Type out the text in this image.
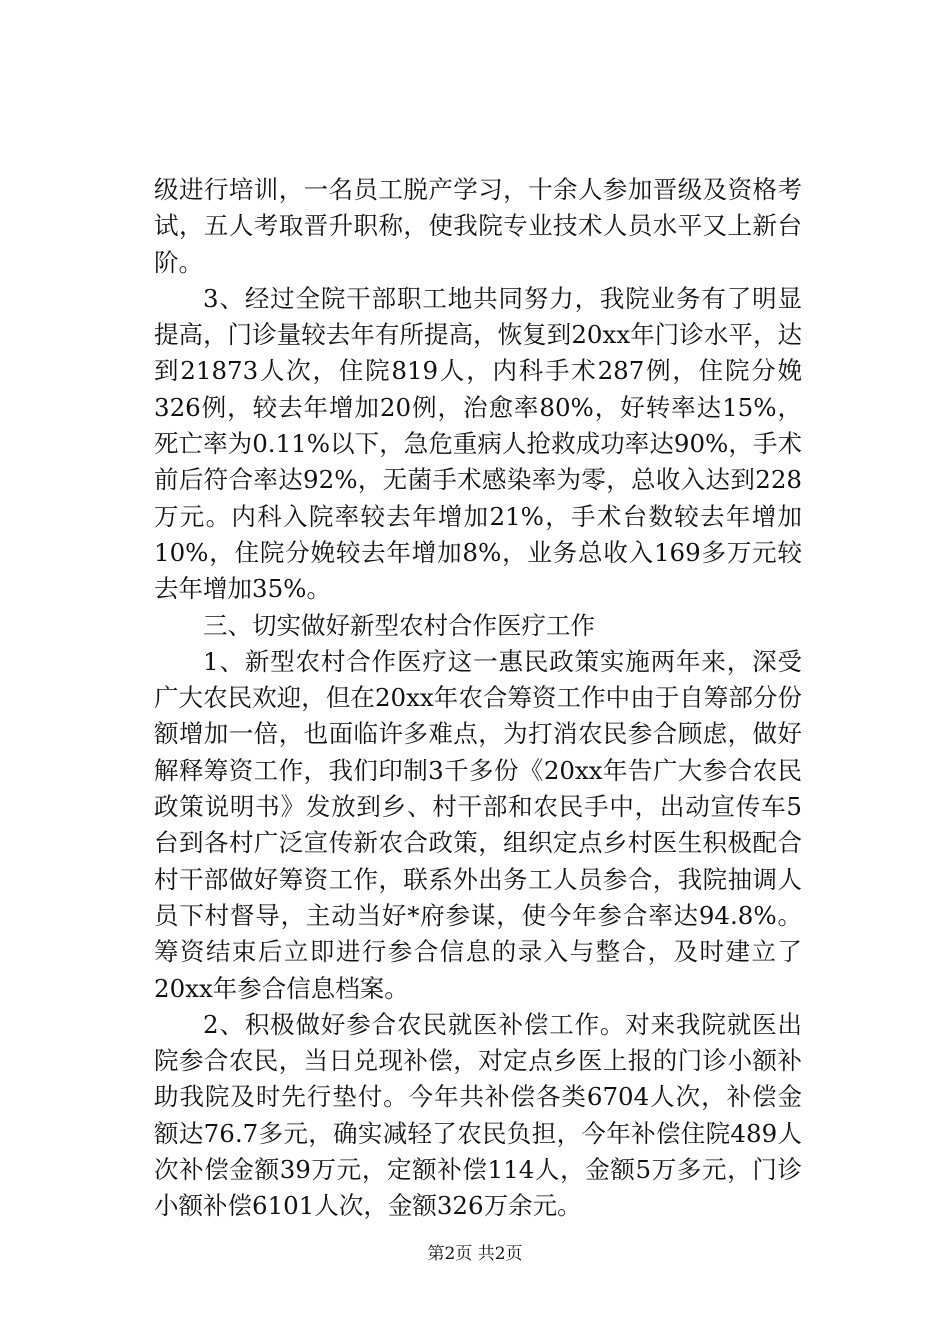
级进行培训，一名员工脱产学习，十余人参加晋级及资格考试，五人考取晋升职称，使我院专业技术人员水平又上新台阶。

3、经过全院干部职工地共同努力，我院业务有了明显提高，门诊量较去年有所提高，恢复到20xx年门诊水平，达到21873人次，住院819人，内科手术287例，住院分娩326例，较去年增加20例，治愈率80%，好转率达15%，死亡率为0.11%以下，急危重病人抢救成功率达90%，手术前后符合率达92%，无菌手术感染率为零，总收入达到228万元。内科入院率较去年增加21%，手术台数较去年增加10%，住院分娩较去年增加8%，业务总收入169多万元较去年增加35%。

三、切实做好新型农村合作医疗工作

1、新型农村合作医疗这一惠民政策实施两年来，深受广大农民欢迎，但在20xx年农合筹资工作中由于自筹部分份额增加一倍，也面临许多难点，为打消农民参合顾虑，做好解释筹资工作，我们印制3千多份《20xx年告广大参合农民政策说明书》发放到乡、村干部和农民手中，出动宣传车5台到各村广泛宣传新农合政策，组织定点乡村医生积极配合村干部做好筹资工作，联系外出务工人员参合，我院抽调人员下村督导，主动当好*府参谋，使今年参合率达94.8%。筹资结束后立即进行参合信息的录入与整合，及时建立了20xx年参合信息档案。

2、积极做好参合农民就医补偿工作。对来我院就医出院参合农民，当日兑现补偿，对定点乡医上报的门诊小额补助我院及时先行垫付。今年共补偿各类6704人次，补偿金额达76.7多元，确实减轻了农民负担，今年补偿住院489人次补偿金额39万元，定额补偿114人，金额5万多元，门诊小额补偿6101人次，金额326万余元。

第2页 共2页
